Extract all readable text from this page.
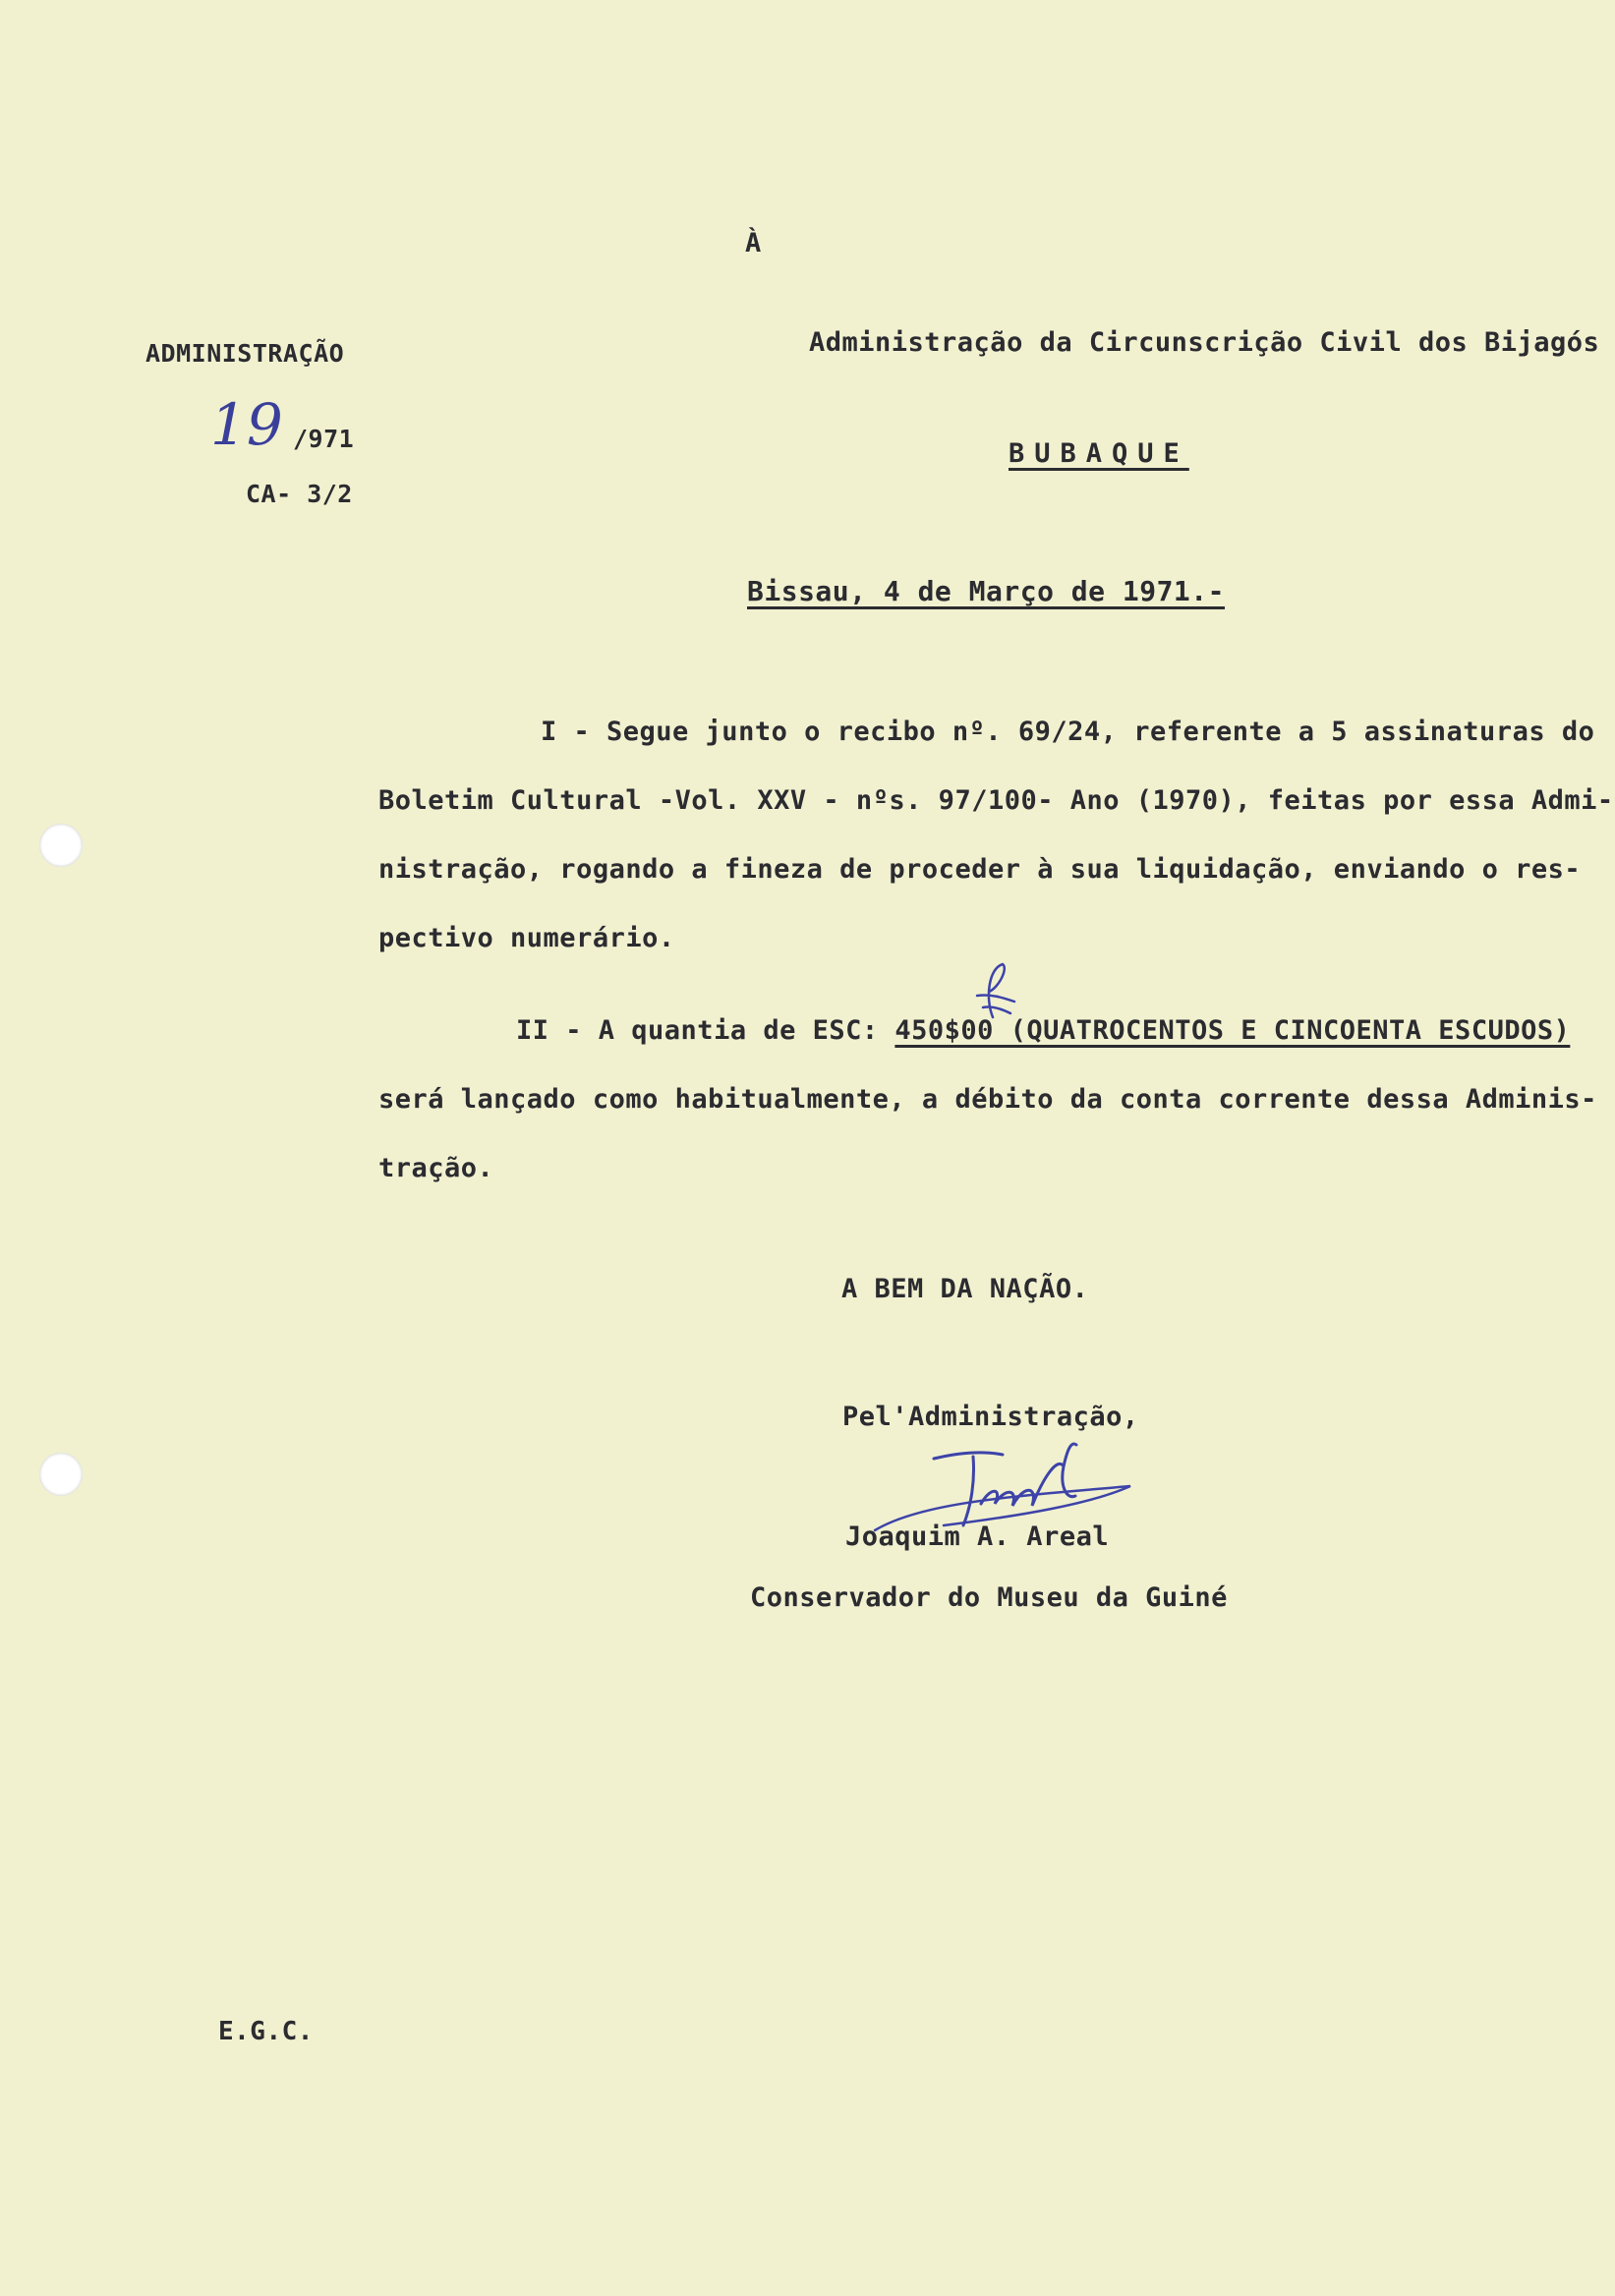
À

ADMINISTRAÇÃO

19 /971

CA- 3/2

Administração da Circunscrição Civil dos Bijagós

BUBAQUE

Bissau, 4 de Março de 1971.-

I - Segue junto o recibo nº. 69/24, referente a 5 assinaturas do
Boletim Cultural -Vol. XXV - nºs. 97/100- Ano (1970), feitas por essa Admi-
nistração, rogando a fineza de proceder à sua liquidação, enviando o res-
pectivo numerário.
II - A quantia de ESC: 450$00 (QUATROCENTOS E CINCOENTA ESCUDOS)
será lançado como habitualmente, a débito da conta corrente dessa Adminis-
tração.

A BEM DA NAÇÃO.

Pel'Administração,

Joaquim A. Areal

Conservador do Museu da Guiné

E.G.C.
